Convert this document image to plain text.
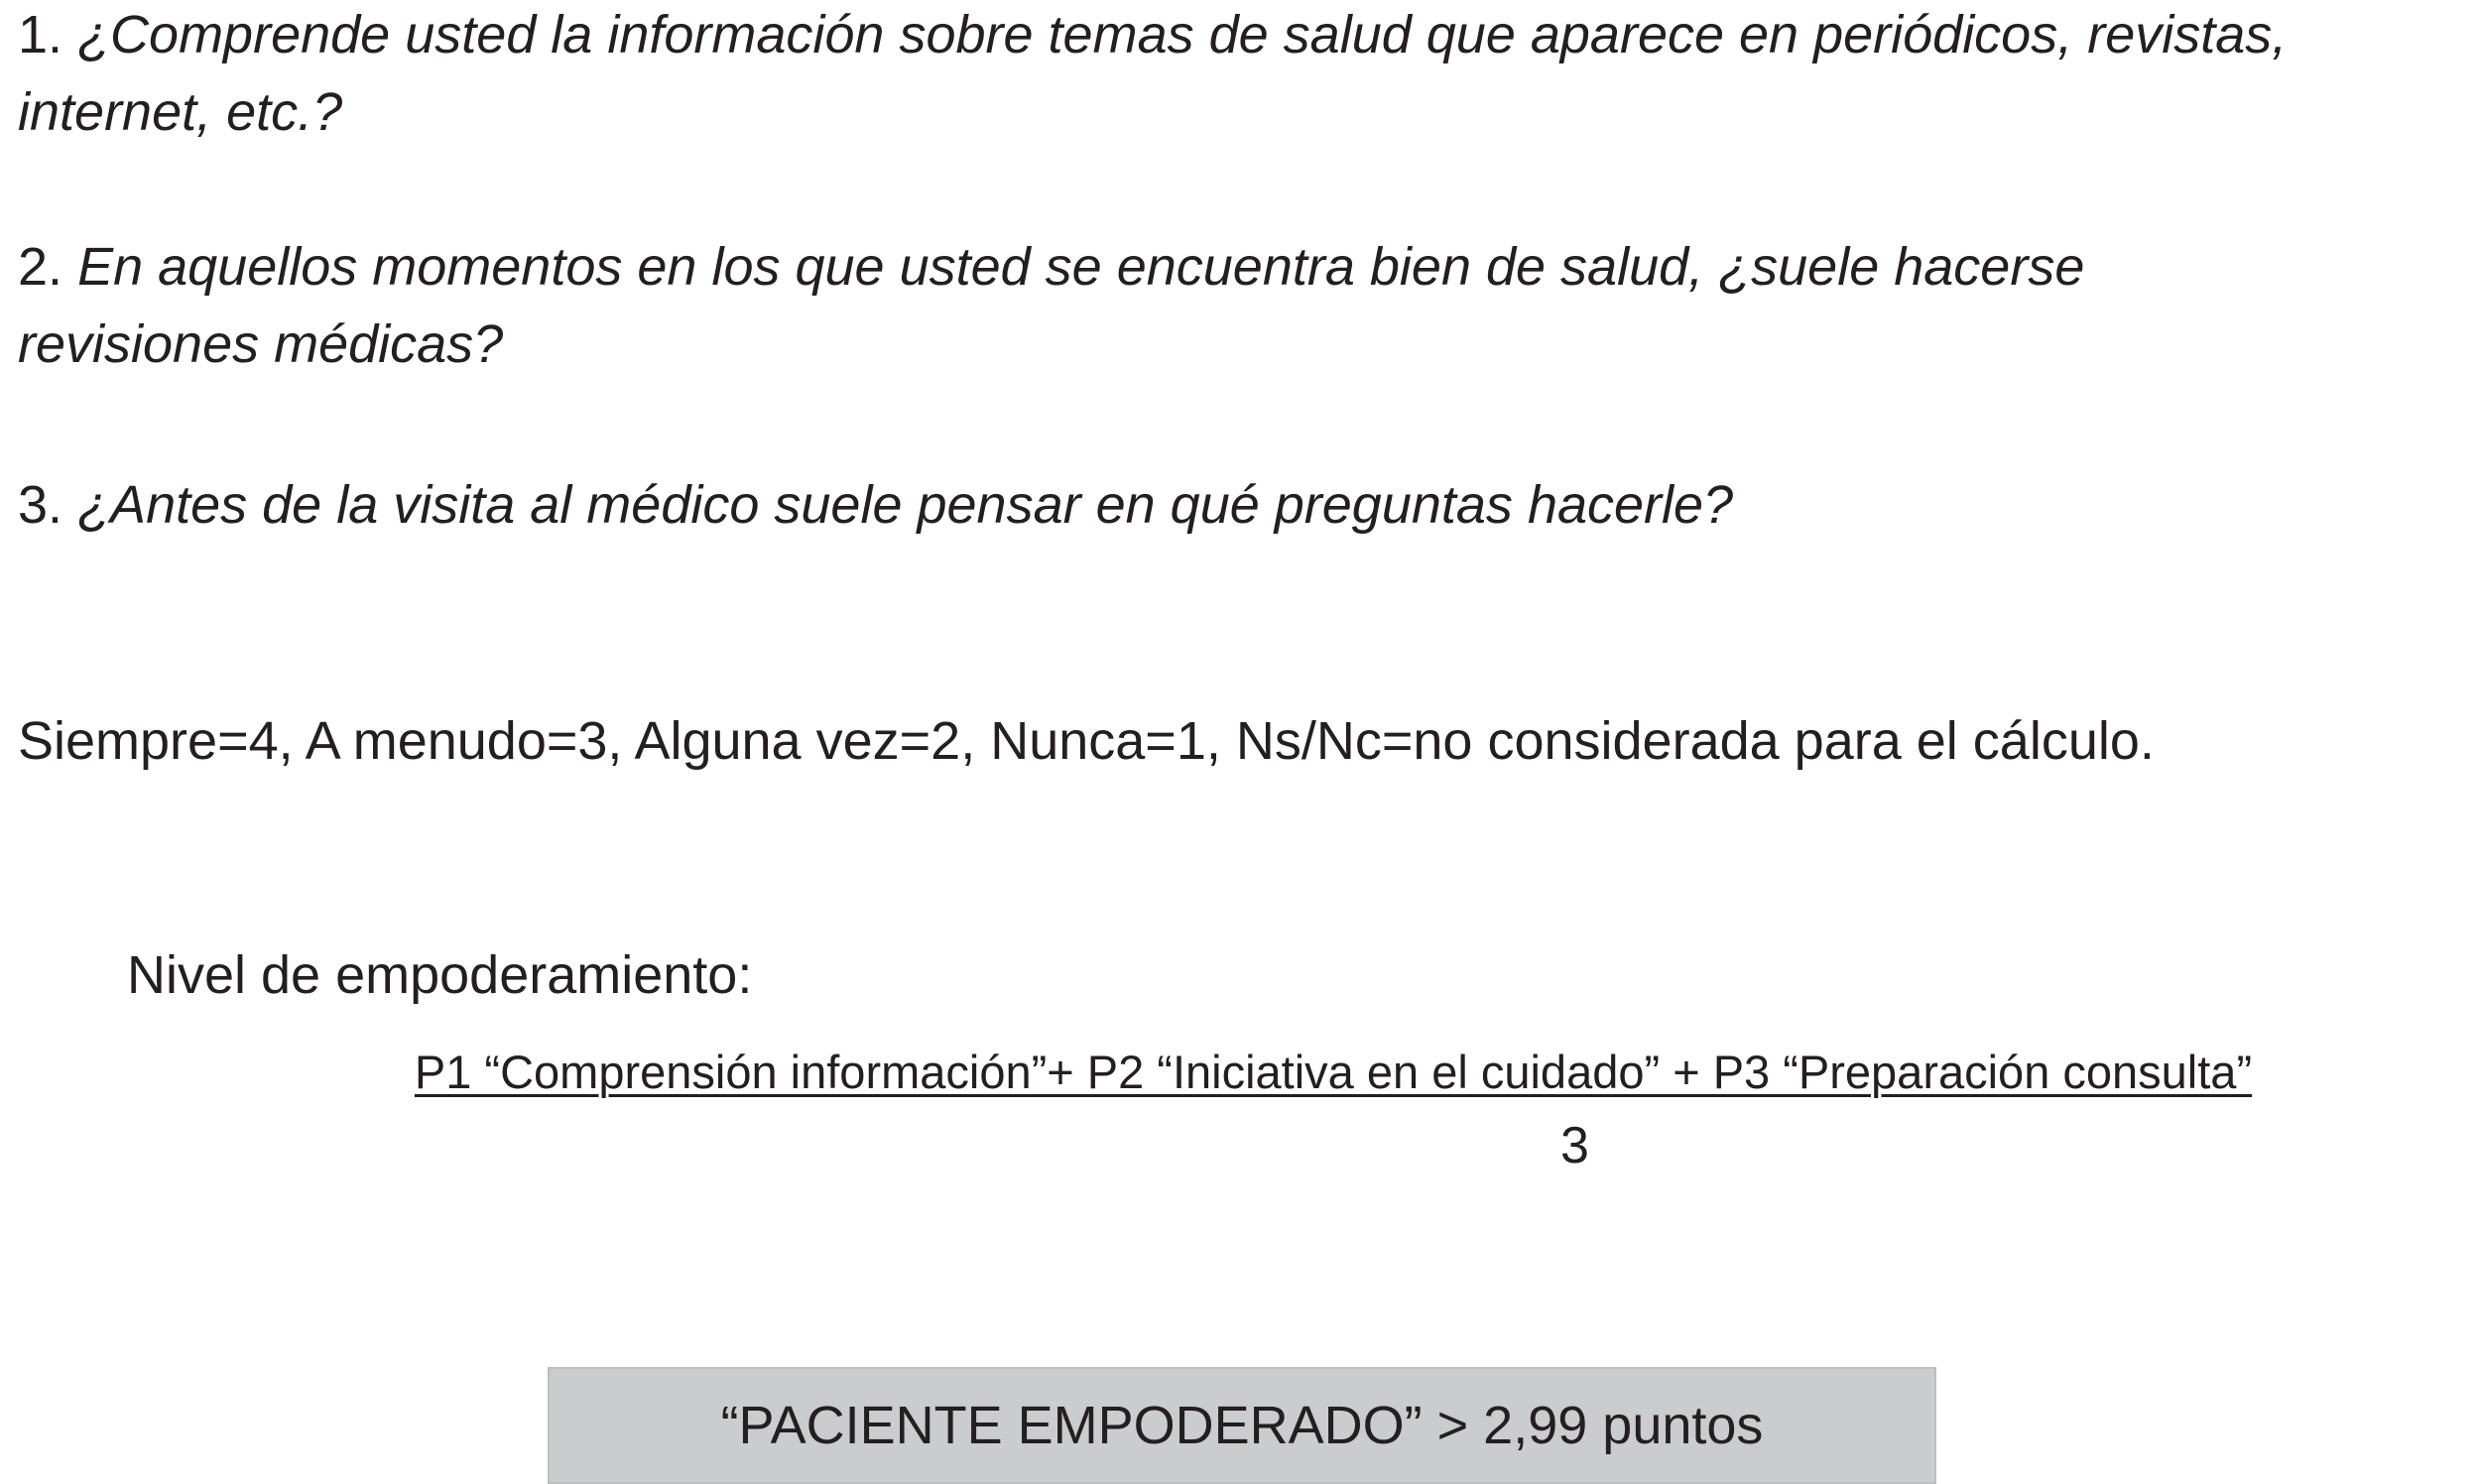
1. ¿Comprende usted la información sobre temas de salud que aparece en periódicos, revistas, internet, etc.?

2. En aquellos momentos en los que usted se encuentra bien de salud, ¿suele hacerse revisiones médicas?

3. ¿Antes de la visita al médico suele pensar en qué preguntas hacerle?

Siempre=4, A menudo=3, Alguna vez=2, Nunca=1, Ns/Nc=no considerada para el cálculo.

Nivel de empoderamiento:

P1 “Comprensión información”+ P2 “Iniciativa en el cuidado” + P3 “Preparación consulta”
3
“PACIENTE EMPODERADO” > 2,99 puntos
